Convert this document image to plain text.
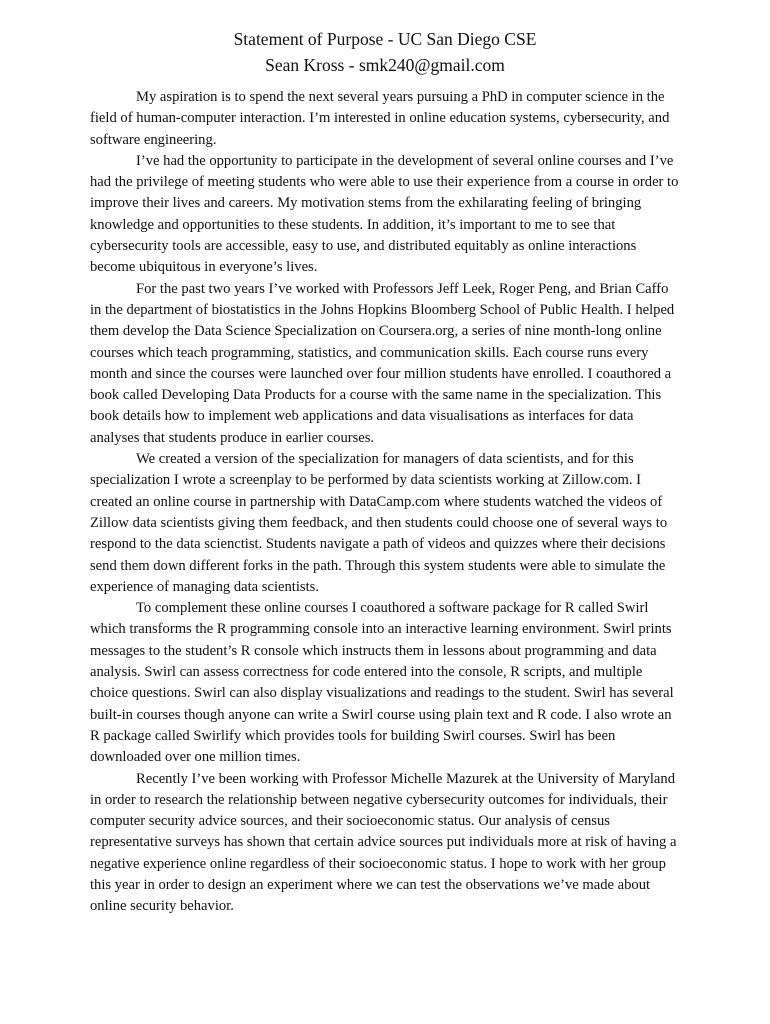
Statement of Purpose - UC San Diego CSE
Sean Kross - smk240@gmail.com

My aspiration is to spend the next several years pursuing a PhD in computer science in the field of human-computer interaction. I’m interested in online education systems, cybersecurity, and software engineering.

I’ve had the opportunity to participate in the development of several online courses and I’ve had the privilege of meeting students who were able to use their experience from a course in order to improve their lives and careers. My motivation stems from the exhilarating feeling of bringing knowledge and opportunities to these students. In addition, it’s important to me to see that cybersecurity tools are accessible, easy to use, and distributed equitably as online interactions become ubiquitous in everyone’s lives.

For the past two years I’ve worked with Professors Jeff Leek, Roger Peng, and Brian Caffo in the department of biostatistics in the Johns Hopkins Bloomberg School of Public Health. I helped them develop the Data Science Specialization on Coursera.org, a series of nine month-long online courses which teach programming, statistics, and communication skills. Each course runs every month and since the courses were launched over four million students have enrolled. I coauthored a book called Developing Data Products for a course with the same name in the specialization. This book details how to implement web applications and data visualisations as interfaces for data analyses that students produce in earlier courses.

We created a version of the specialization for managers of data scientists, and for this specialization I wrote a screenplay to be performed by data scientists working at Zillow.com. I created an online course in partnership with DataCamp.com where students watched the videos of Zillow data scientists giving them feedback, and then students could choose one of several ways to respond to the data scienctist. Students navigate a path of videos and quizzes where their decisions send them down different forks in the path. Through this system students were able to simulate the experience of managing data scientists.

To complement these online courses I coauthored a software package for R called Swirl which transforms the R programming console into an interactive learning environment. Swirl prints messages to the student’s R console which instructs them in lessons about programming and data analysis. Swirl can assess correctness for code entered into the console, R scripts, and multiple choice questions. Swirl can also display visualizations and readings to the student. Swirl has several built-in courses though anyone can write a Swirl course using plain text and R code. I also wrote an R package called Swirlify which provides tools for building Swirl courses. Swirl has been downloaded over one million times.

Recently I’ve been working with Professor Michelle Mazurek at the University of Maryland in order to research the relationship between negative cybersecurity outcomes for individuals, their computer security advice sources, and their socioeconomic status. Our analysis of census representative surveys has shown that certain advice sources put individuals more at risk of having a negative experience online regardless of their socioeconomic status. I hope to work with her group this year in order to design an experiment where we can test the observations we’ve made about online security behavior.
